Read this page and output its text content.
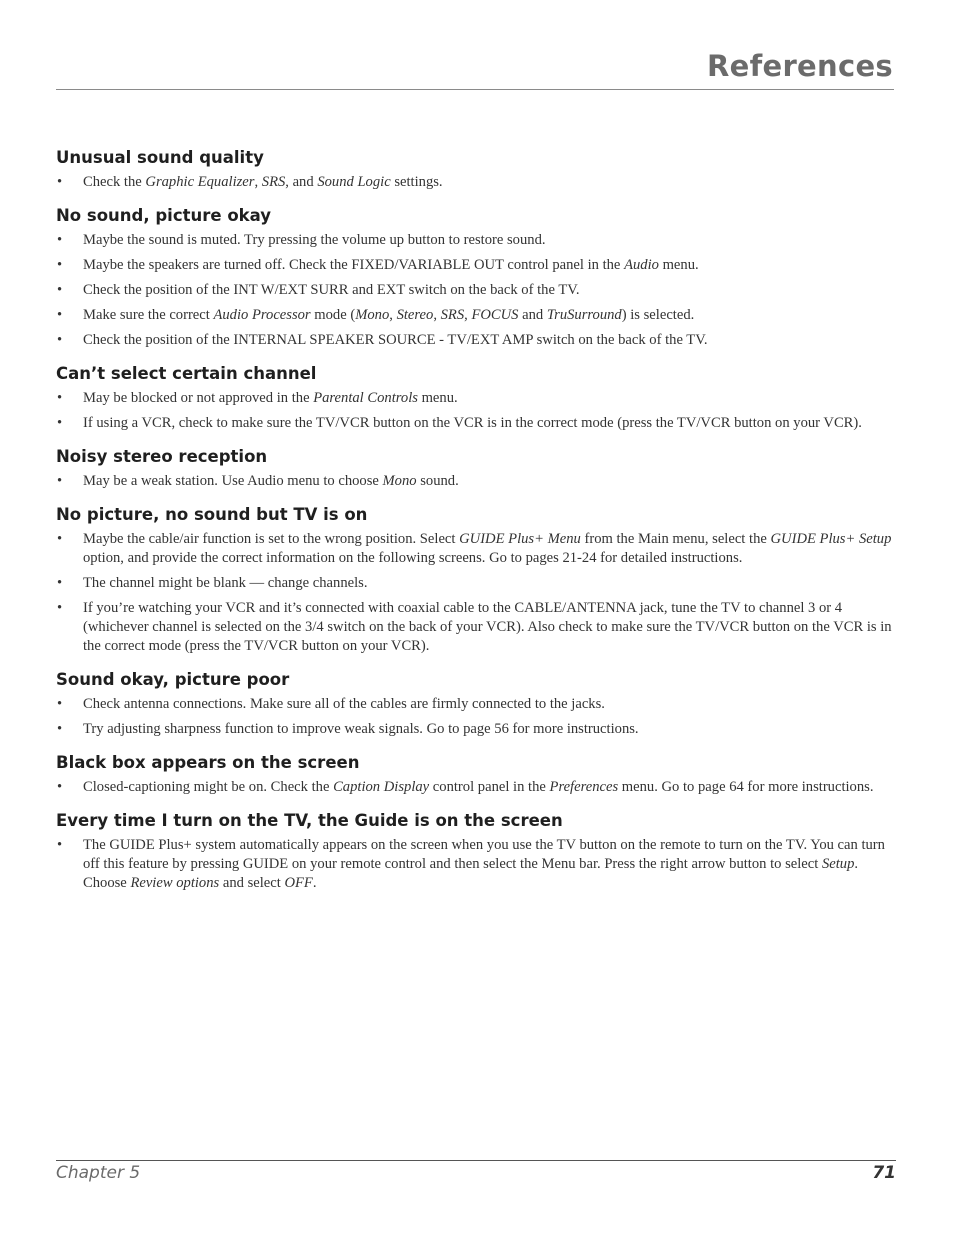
References
Unusual sound quality
• Check the Graphic Equalizer, SRS, and Sound Logic settings.
No sound, picture okay
• Maybe the sound is muted. Try pressing the volume up button to restore sound.
• Maybe the speakers are turned off. Check the FIXED/VARIABLE OUT control panel in the Audio menu.
• Check the position of the INT W/EXT SURR and EXT switch on the back of the TV.
• Make sure the correct Audio Processor mode (Mono, Stereo, SRS, FOCUS and TruSurround) is selected.
• Check the position of the INTERNAL SPEAKER SOURCE - TV/EXT AMP switch on the back of the TV.
Can’t select certain channel
• May be blocked or not approved in the Parental Controls menu.
• If using a VCR, check to make sure the TV/VCR button on the VCR is in the correct mode (press the TV/VCR button on your VCR).
Noisy stereo reception
• May be a weak station. Use Audio menu to choose Mono sound.
No picture, no sound but TV is on
• Maybe the cable/air function is set to the wrong position. Select GUIDE Plus+ Menu from the Main menu, select the GUIDE Plus+ Setup option, and provide the correct information on the following screens. Go to pages 21-24 for detailed instructions.
• The channel might be blank — change channels.
• If you’re watching your VCR and it’s connected with coaxial cable to the CABLE/ANTENNA jack, tune the TV to channel 3 or 4 (whichever channel is selected on the 3/4 switch on the back of your VCR). Also check to make sure the TV/VCR button on the VCR is in the correct mode (press the TV/VCR button on your VCR).
Sound okay, picture poor
• Check antenna connections. Make sure all of the cables are firmly connected to the jacks.
• Try adjusting sharpness function to improve weak signals. Go to page 56 for more instructions.
Black box appears on the screen
• Closed-captioning might be on. Check the Caption Display control panel in the Preferences menu. Go to page 64 for more instructions.
Every time I turn on the TV, the Guide is on the screen
• The GUIDE Plus+ system automatically appears on the screen when you use the TV button on the remote to turn on the TV. You can turn off this feature by pressing GUIDE on your remote control and then select the Menu bar. Press the right arrow button to select Setup. Choose Review options and select OFF.
Chapter 5	71
